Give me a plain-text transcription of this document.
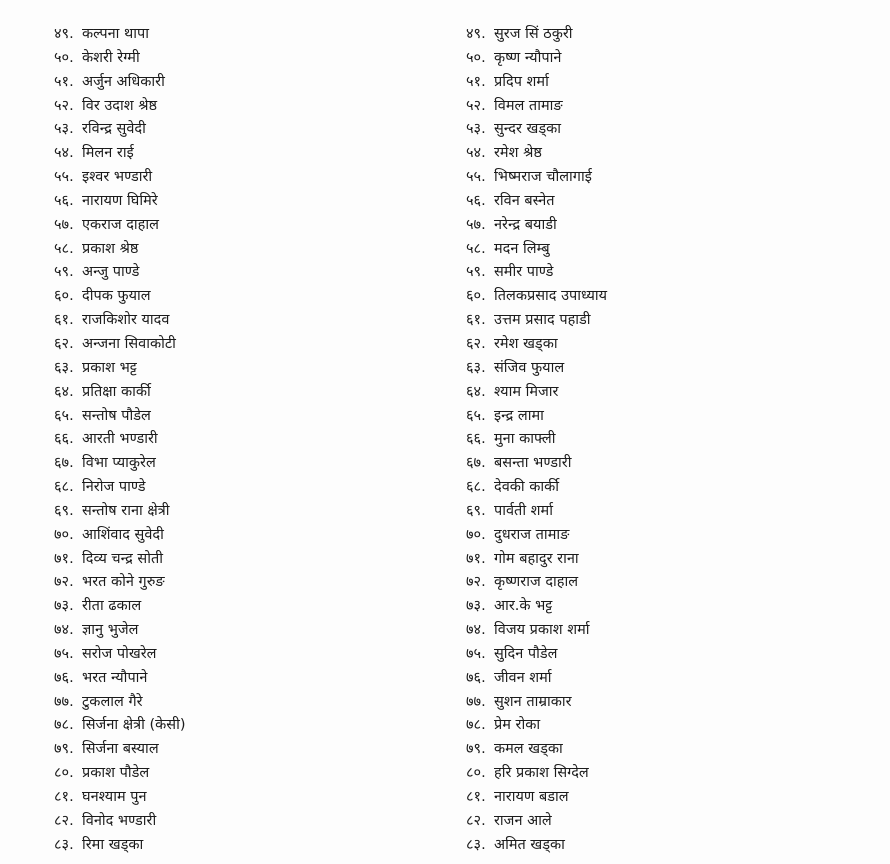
४९. कल्पना थापा
५०. केशरी रेग्मी
५१. अर्जुन अधिकारी
५२. विर उदाश श्रेष्ठ
५३. रविन्द्र सुवेदी
५४. मिलन राई
५५. इश्वर भण्डारी
५६. नारायण घिमिरे
५७. एकराज दाहाल
५८. प्रकाश श्रेष्ठ
५९. अन्जु पाण्डे
६०. दीपक फुयाल
६१. राजकिशोर यादव
६२. अन्जना सिवाकोटी
६३. प्रकाश भट्ट
६४. प्रतिक्षा कार्की
६५. सन्तोष पौडेल
६६. आरती भण्डारी
६७. विभा प्याकुरेल
६८. निरोज पाण्डे
६९. सन्तोष राना क्षेत्री
७०. आशिंवाद सुवेदी
७१. दिव्य चन्द्र सोती
७२. भरत कोने गुरुङ
७३. रीता ढकाल
७४. ज्ञानु भुजेल
७५. सरोज पोखरेल
७६. भरत न्यौपाने
७७. टुकलाल गैरे
७८. सिर्जना क्षेत्री (केसी)
७९. सिर्जना बस्याल
८०. प्रकाश पौडेल
८१. घनश्याम पुन
८२. विनोद भण्डारी
८३. रिमा खड्का
४९. सुरज सिं ठकुरी
५०. कृष्ण न्यौपाने
५१. प्रदिप शर्मा
५२. विमल तामाङ
५३. सुन्दर खड्का
५४. रमेश श्रेष्ठ
५५. भिष्मराज चौलागाई
५६. रविन बस्नेत
५७. नरेन्द्र बयाडी
५८. मदन लिम्बु
५९. समीर पाण्डे
६०. तिलकप्रसाद उपाध्याय
६१. उत्तम प्रसाद पहाडी
६२. रमेश खड्का
६३. संजिव फुयाल
६४. श्याम मिजार
६५. इन्द्र लामा
६६. मुना काफ्ली
६७. बसन्ता भण्डारी
६८. देवकी कार्की
६९. पार्वती शर्मा
७०. दुधराज तामाङ
७१. गोम बहादुर राना
७२. कृष्णराज दाहाल
७३. आर.के भट्ट
७४. विजय प्रकाश शर्मा
७५. सुदिन पौडेल
७६. जीवन शर्मा
७७. सुशन ताम्राकार
७८. प्रेम रोका
७९. कमल खड्का
८०. हरि प्रकाश सिग्देल
८१. नारायण बडाल
८२. राजन आले
८३. अमित खड्का
